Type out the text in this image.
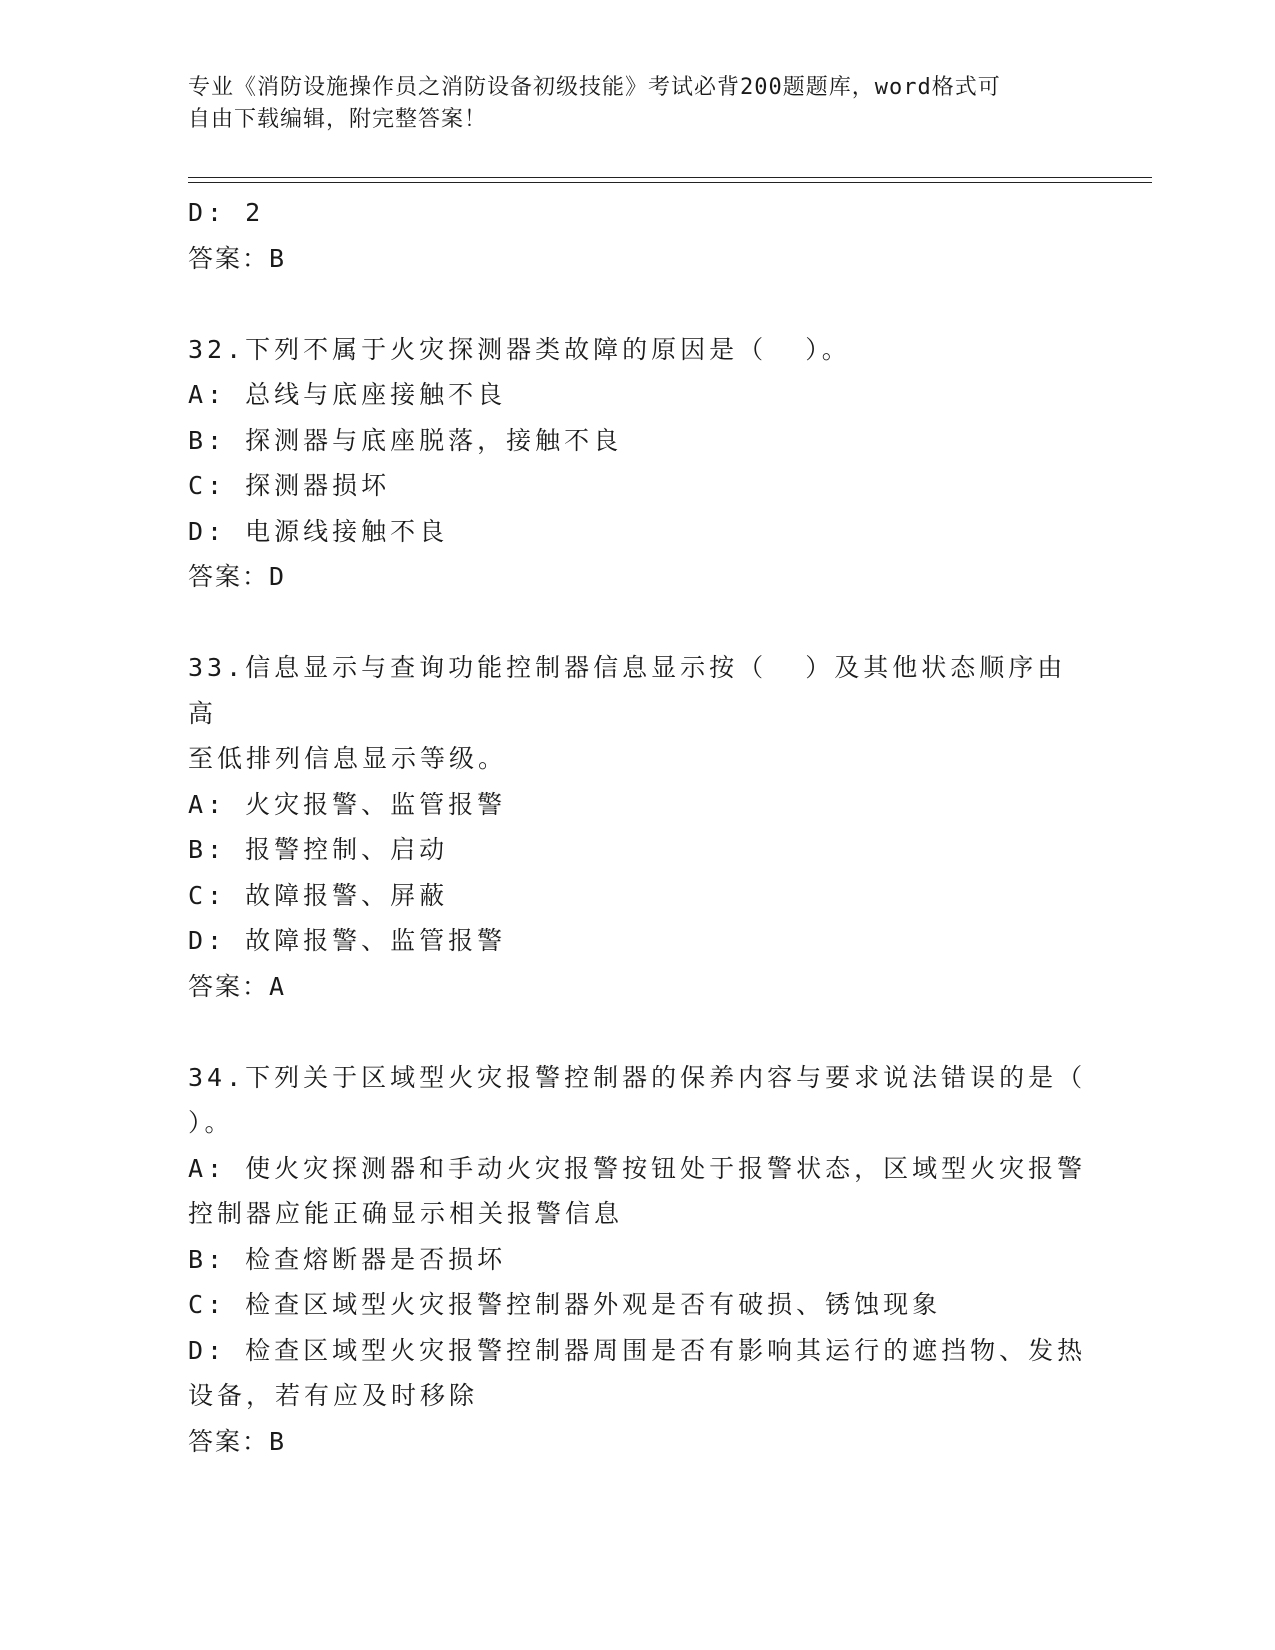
专业《消防设施操作员之消防设备初级技能》考试必背200题题库，word格式可
自由下载编辑，附完整答案！
D: 2
答案：B
32.下列不属于火灾探测器类故障的原因是（  ）。
A: 总线与底座接触不良
B: 探测器与底座脱落，接触不良
C: 探测器损坏
D: 电源线接触不良
答案：D
33.信息显示与查询功能控制器信息显示按（  ）及其他状态顺序由高
至低排列信息显示等级。
A: 火灾报警、监管报警
B: 报警控制、启动
C: 故障报警、屏蔽
D: 故障报警、监管报警
答案：A
34.下列关于区域型火灾报警控制器的保养内容与要求说法错误的是（
）。
A: 使火灾探测器和手动火灾报警按钮处于报警状态，区域型火灾报警
控制器应能正确显示相关报警信息
B: 检查熔断器是否损坏
C: 检查区域型火灾报警控制器外观是否有破损、锈蚀现象
D: 检查区域型火灾报警控制器周围是否有影响其运行的遮挡物、发热
设备，若有应及时移除
答案：B
